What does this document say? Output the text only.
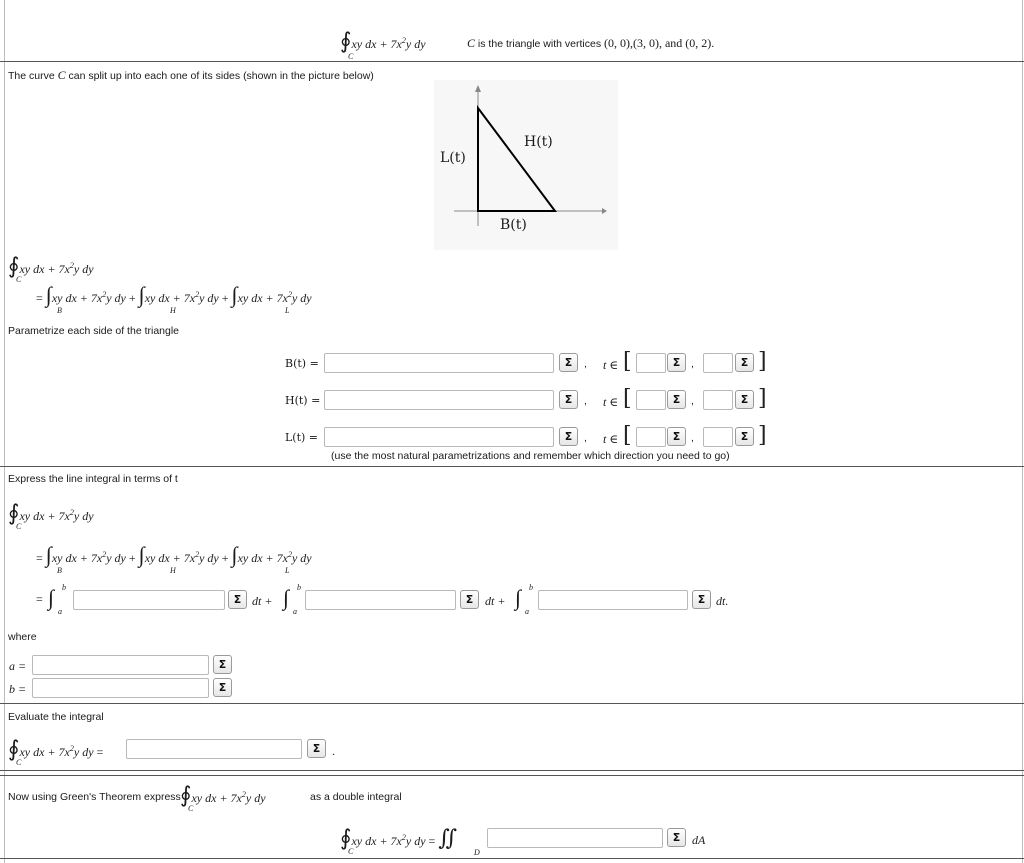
∮xy dx + $7x^2y$ dy
C
C is the triangle with vertices (0, 0),(3, 0), and (0, 2).
The curve C can split up into each one of its sides (shown in the picture below)
H(t)
L(t)
B(t)
∮xy dx + $7x^2y$ dy
C
= ∫xy dx + $7x^2y$ dy + ∫xy dx + $7x^2y$ dy + ∫xy dx + $7x^2y$ dy
B	H	L
Parametrize each side of the triangle
B(t) =	Σ	, t ∈ [	Σ	,	Σ ]
H(t) =	Σ	, t ∈ [	Σ	,	Σ ]
L(t) =	Σ	, t ∈ [	Σ	,	Σ ]
(use the most natural parametrizations and remember which direction you need to go)
Express the line integral in terms of t
∮xy dx + $7x^2y$ dy
C
= ∫xy dx + $7x^2y$ dy + ∫xy dx + $7x^2y$ dy + ∫xy dx + $7x^2y$ dy
B	H	L
= ∫ b
a
Σ dt + ∫ b
a
Σ dt + ∫ b
a
Σ dt.
where
a =	Σ
b =	Σ
Evaluate the integral
∮xy dx + $7x^2y$ dy =
C
Σ .
Now using Green's Theorem express ∮xy dx + $7x^2y$ dy
C
as a double integral
∮xy dx + $7x^2y$ dy = ∬
C	D
Σ dA
